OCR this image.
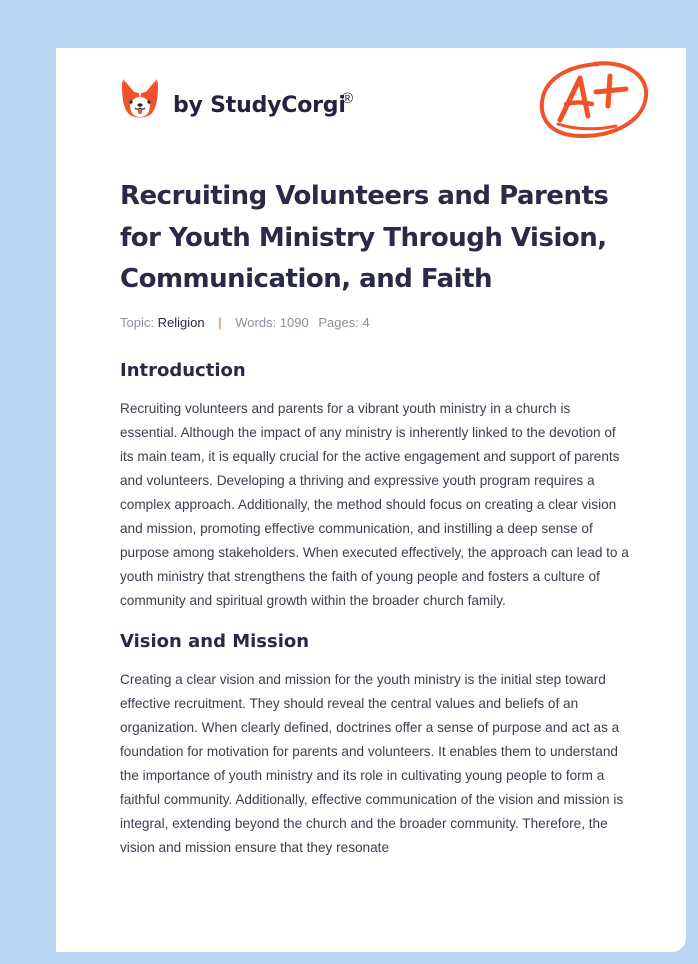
by StudyCorgi
®
Recruiting Volunteers and Parents for Youth Ministry Through Vision, Communication, and Faith
Topic: Religion | Words: 1090 Pages: 4
Introduction

Recruiting volunteers and parents for a vibrant youth ministry in a church is essential. Although the impact of any ministry is inherently linked to the devotion of its main team, it is equally crucial for the active engagement and support of parents and volunteers. Developing a thriving and expressive youth program requires a complex approach. Additionally, the method should focus on creating a clear vision and mission, promoting effective communication, and instilling a deep sense of purpose among stakeholders. When executed effectively, the approach can lead to a youth ministry that strengthens the faith of young people and fosters a culture of community and spiritual growth within the broader church family.

Vision and Mission

Creating a clear vision and mission for the youth ministry is the initial step toward effective recruitment. They should reveal the central values and beliefs of an organization. When clearly defined, doctrines offer a sense of purpose and act as a foundation for motivation for parents and volunteers. It enables them to understand the importance of youth ministry and its role in cultivating young people to form a faithful community. Additionally, effective communication of the vision and mission is integral, extending beyond the church and the broader community. Therefore, the vision and mission ensure that they resonate
